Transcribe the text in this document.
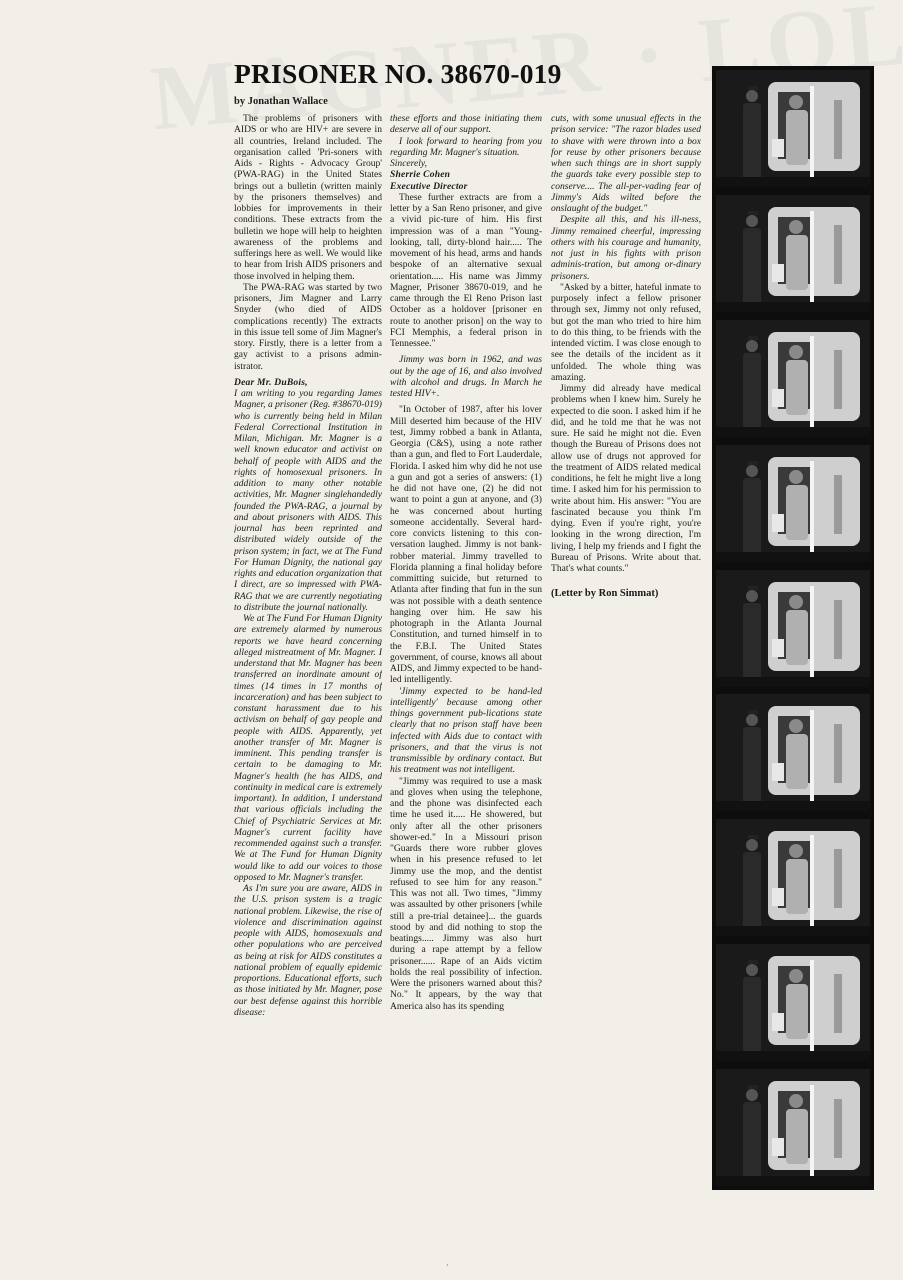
PRISONER NO. 38670-019
by Jonathan Wallace

The problems of prisoners with AIDS or who are HIV+ are severe in all countries, Ireland included. The organisation called 'Pri-soners with Aids - Rights - Advocacy Group' (PWA-RAG) in the United States brings out a bulletin (written mainly by the prisoners themselves) and lobbies for improvements in their conditions. These extracts from the bulletin we hope will help to heighten awareness of the problems and sufferings here as well. We would like to hear from Irish AIDS prisoners and those involved in helping them.

The PWA-RAG was started by two prisoners, Jim Magner and Larry Snyder (who died of AIDS complications recently) The extracts in this issue tell some of Jim Magner's story. Firstly, there is a letter from a gay activist to a prisons admin-istrator.

Dear Mr. DuBois,

I am writing to you regarding James Magner, a prisoner (Reg. #38670-019) who is currently being held in Milan Federal Correctional Institution in Milan, Michigan. Mr. Magner is a well known educator and activist on behalf of people with AIDS and the rights of homosexual prisoners. In addition to many other notable activities, Mr. Magner singlehandedly founded the PWA-RAG, a journal by and about prisoners with AIDS. This journal has been reprinted and distributed widely outside of the prison system; in fact, we at The Fund For Human Dignity, the national gay rights and education organization that I direct, are so impressed with PWA-RAG that we are currently negotiating to distribute the journal nationally.

We at The Fund For Human Dignity are extremely alarmed by numerous reports we have heard concerning alleged mistreatment of Mr. Magner. I understand that Mr. Magner has been transferred an inordinate amount of times (14 times in 17 months of incarceration) and has been subject to constant harassment due to his activism on behalf of gay people and people with AIDS. Apparently, yet another transfer of Mr. Magner is imminent. This pending transfer is certain to be damaging to Mr. Magner's health (he has AIDS, and continuity in medical care is extremely important). In addition, I understand that various officials including the Chief of Psychiatric Services at Mr. Magner's current facility have recommended against such a transfer. We at The Fund for Human Dignity would like to add our voices to those opposed to Mr. Magner's transfer.

As I'm sure you are aware, AIDS in the U.S. prison system is a tragic national problem. Likewise, the rise of violence and discrimination against people with AIDS, homosexuals and other populations who are perceived as being at risk for AIDS constitutes a national problem of equally epidemic proportions. Educational efforts, such as those initiated by Mr. Magner, pose our best defense against this horrible disease:

these efforts and those initiating them deserve all of our support.

I look forward to hearing from you regarding Mr. Magner's situation.

Sincerely,

Sherrie Cohen

Executive Director

These further extracts are from a letter by a San Reno prisoner, and give a vivid pic-ture of him. His first impression was of a man "Young-looking, tall, dirty-blond hair..... The movement of his head, arms and hands bespoke of an alternative sexual orientation..... His name was Jimmy Magner, Prisoner 38670-019, and he came through the El Reno Prison last October as a holdover [prisoner en route to another prison] on the way to FCI Memphis, a federal prison in Tennessee."

Jimmy was born in 1962, and was out by the age of 16, and also involved with alcohol and drugs. In March he tested HIV+.

"In October of 1987, after his lover Mill deserted him because of the HIV test, Jimmy robbed a bank in Atlanta, Georgia (C&S), using a note rather than a gun, and fled to Fort Lauderdale, Florida. I asked him why did he not use a gun and got a series of answers: (1) he did not have one, (2) he did not want to point a gun at anyone, and (3) he was concerned about hurting someone accidentally. Several hard-core convicts listening to this con-versation laughed. Jimmy is not bank-robber material. Jimmy travelled to Florida planning a final holiday before committing suicide, but returned to Atlanta after finding that fun in the sun was not possible with a death sentence hanging over him. He saw his photograph in the Atlanta Journal Constitution, and turned himself in to the F.B.I. The United States government, of course, knows all about AIDS, and Jimmy expected to be hand-led intelligently.

'Jimmy expected to be hand-led intelligently' because among other things government pub-lications state clearly that no prison staff have been infected with Aids due to contact with prisoners, and that the virus is not transmissible by ordinary contact. But his treatment was not intelligent.

"Jimmy was required to use a mask and gloves when using the telephone, and the phone was disinfected each time he used it..... He showered, but only after all the other prisoners shower-ed." In a Missouri prison "Guards there wore rubber gloves when in his presence refused to let Jimmy use the mop, and the dentist refused to see him for any reason." This was not all. Two times, "Jimmy was assaulted by other prisoners [while still a pre-trial detainee]... the guards stood by and did nothing to stop the beatings..... Jimmy was also hurt during a rape attempt by a fellow prisoner...... Rape of an Aids victim holds the real possibility of infection. Were the prisoners warned about this? No." It appears, by the way that America also has its spending

cuts, with some unusual effects in the prison service: "The razor blades used to shave with were thrown into a box for reuse by other prisoners because when such things are in short supply the guards take every possible step to conserve.... The all-per-vading fear of Jimmy's Aids wilted before the onslaught of the budget."

Despite all this, and his ill-ness, Jimmy remained cheerful, impressing others with his courage and humanity, not just in his fights with prison adminis-tration, but among or-dinary prisoners.

"Asked by a bitter, hateful inmate to purposely infect a fellow prisoner through sex, Jimmy not only refused, but got the man who tried to hire him to do this thing, to be friends with the intended victim. I was close enough to see the details of the incident as it unfolded. The whole thing was amazing.

Jimmy did already have medical problems when I knew him. Surely he expected to die soon. I asked him if he did, and he told me that he was not sure. He said he might not die. Even though the Bureau of Prisons does not allow use of drugs not approved for the treatment of AIDS related medical conditions, he felt he might live a long time. I asked him for his permission to write about him. His answer: "You are fascinated because you think I'm dying. Even if you're right, you're looking in the wrong direction, I'm living, I help my friends and I fight the Bureau of Prisons. Write about that. That's what counts."

(Letter by Ron Simmat)

·
